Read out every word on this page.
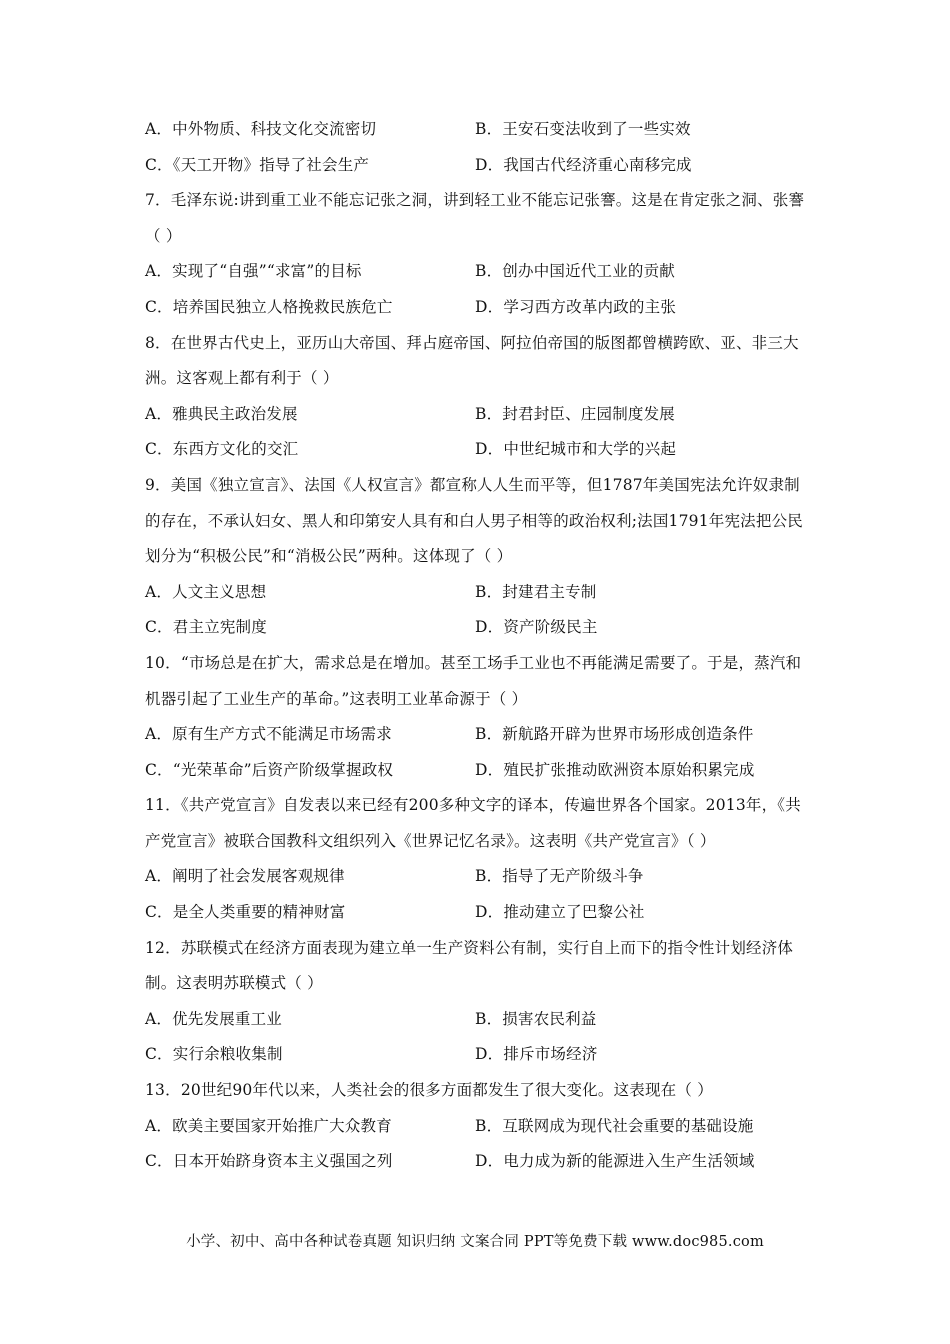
A．中外物质、科技文化交流密切	B．王安石变法收到了一些实效
C．《天工开物》指导了社会生产	D．我国古代经济重心南移完成
7．毛泽东说:讲到重工业不能忘记张之洞，讲到轻工业不能忘记张謇。这是在肯定张之洞、张謇（ ）
A．实现了“自强”“求富”的目标	B．创办中国近代工业的贡献
C．培养国民独立人格挽救民族危亡	D．学习西方改革内政的主张
8．在世界古代史上，亚历山大帝国、拜占庭帝国、阿拉伯帝国的版图都曾横跨欧、亚、非三大洲。这客观上都有利于（ ）
A．雅典民主政治发展	B．封君封臣、庄园制度发展
C．东西方文化的交汇	D．中世纪城市和大学的兴起
9．美国《独立宣言》、法国《人权宣言》都宣称人人生而平等，但1787年美国宪法允许奴隶制的存在，不承认妇女、黑人和印第安人具有和白人男子相等的政治权利;法国1791年宪法把公民划分为“积极公民”和“消极公民”两种。这体现了（ ）
A．人文主义思想	B．封建君主专制
C．君主立宪制度	D．资产阶级民主
10．“市场总是在扩大，需求总是在增加。甚至工场手工业也不再能满足需要了。于是，蒸汽和机器引起了工业生产的革命。”这表明工业革命源于（ ）
A．原有生产方式不能满足市场需求	B．新航路开辟为世界市场形成创造条件
C．“光荣革命”后资产阶级掌握政权	D．殖民扩张推动欧洲资本原始积累完成
11．《共产党宣言》自发表以来已经有200多种文字的译本，传遍世界各个国家。2013年，《共产党宣言》被联合国教科文组织列入《世界记忆名录》。这表明《共产党宣言》（ ）
A．阐明了社会发展客观规律	B．指导了无产阶级斗争
C．是全人类重要的精神财富	D．推动建立了巴黎公社
12．苏联模式在经济方面表现为建立单一生产资料公有制，实行自上而下的指令性计划经济体制。这表明苏联模式（ ）
A．优先发展重工业	B．损害农民利益
C．实行余粮收集制	D．排斥市场经济
13．20世纪90年代以来，人类社会的很多方面都发生了很大变化。这表现在（ ）
A．欧美主要国家开始推广大众教育	B．互联网成为现代社会重要的基础设施
C．日本开始跻身资本主义强国之列	D．电力成为新的能源进入生产生活领域
小学、初中、高中各种试卷真题 知识归纳 文案合同 PPT等免费下载 www.doc985.com
